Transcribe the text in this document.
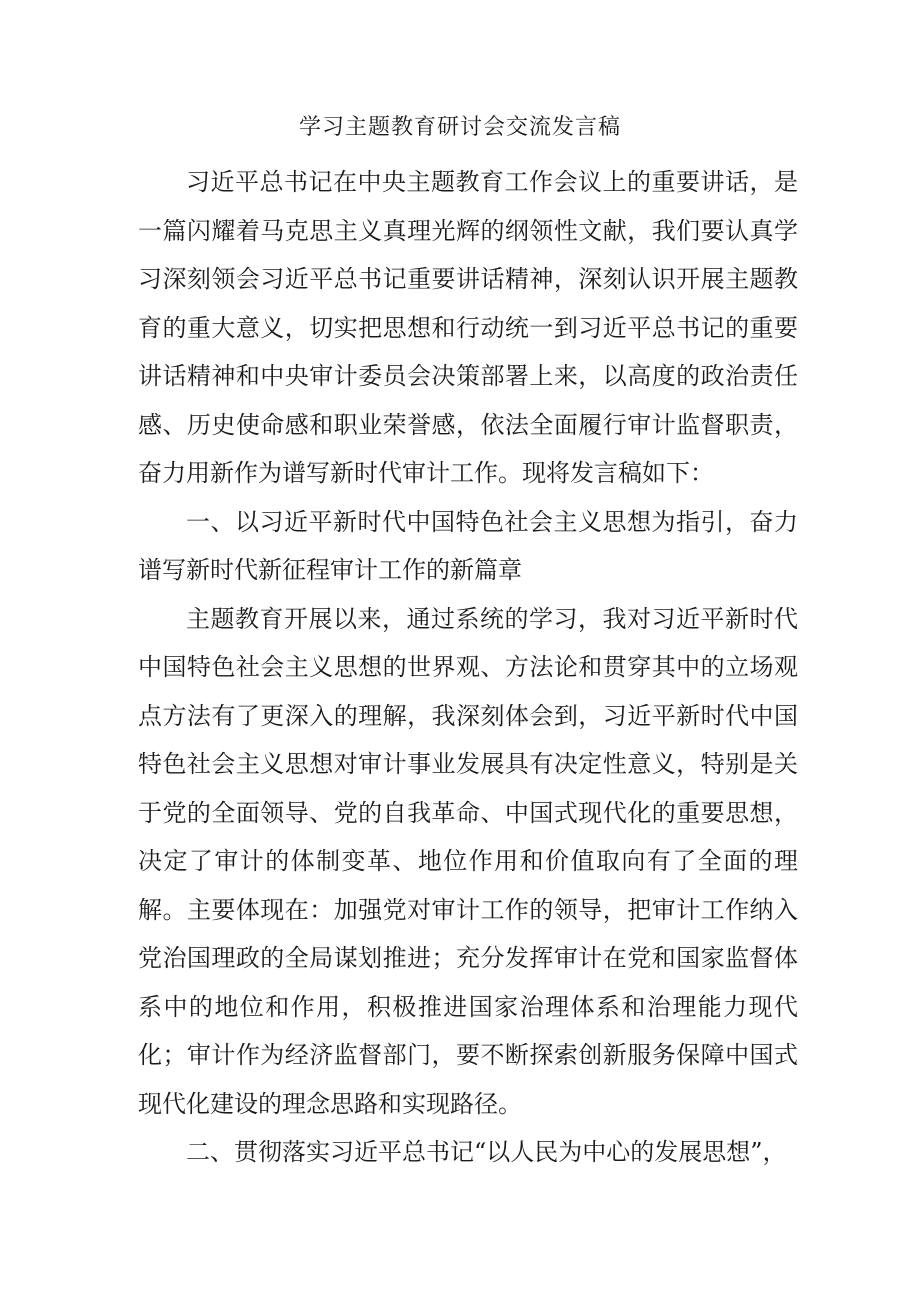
学习主题教育研讨会交流发言稿

习近平总书记在中央主题教育工作会议上的重要讲话，是一篇闪耀着马克思主义真理光辉的纲领性文献，我们要认真学习深刻领会习近平总书记重要讲话精神，深刻认识开展主题教育的重大意义，切实把思想和行动统一到习近平总书记的重要讲话精神和中央审计委员会决策部署上来，以高度的政治责任感、历史使命感和职业荣誉感，依法全面履行审计监督职责，奋力用新作为谱写新时代审计工作。现将发言稿如下：

一、以习近平新时代中国特色社会主义思想为指引，奋力谱写新时代新征程审计工作的新篇章

主题教育开展以来，通过系统的学习，我对习近平新时代中国特色社会主义思想的世界观、方法论和贯穿其中的立场观点方法有了更深入的理解，我深刻体会到，习近平新时代中国特色社会主义思想对审计事业发展具有决定性意义，特别是关于党的全面领导、党的自我革命、中国式现代化的重要思想，决定了审计的体制变革、地位作用和价值取向有了全面的理解。主要体现在：加强党对审计工作的领导，把审计工作纳入党治国理政的全局谋划推进；充分发挥审计在党和国家监督体系中的地位和作用，积极推进国家治理体系和治理能力现代化；审计作为经济监督部门，要不断探索创新服务保障中国式现代化建设的理念思路和实现路径。

二、贯彻落实习近平总书记“以人民为中心的发展思想”，
